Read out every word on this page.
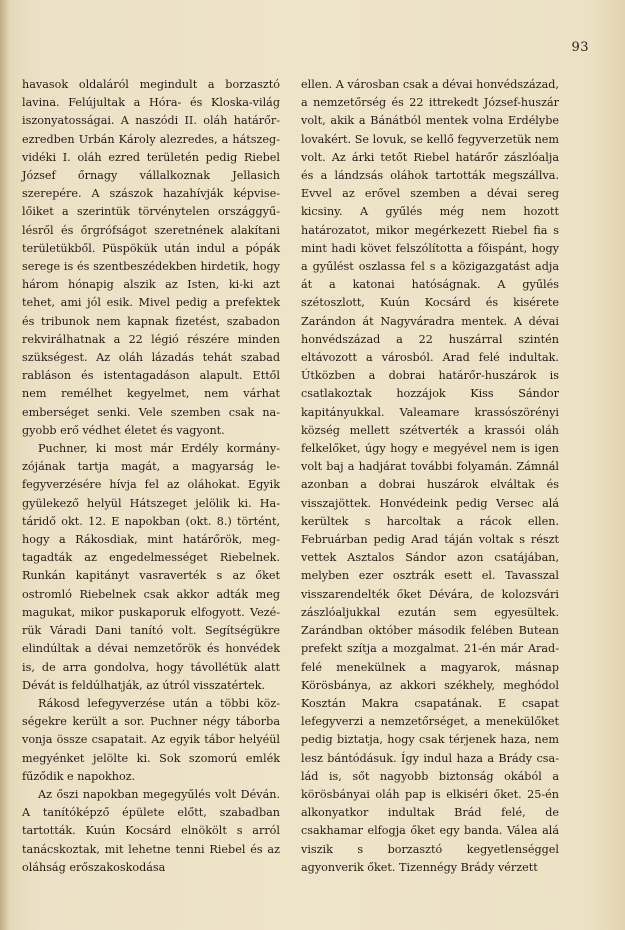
93

havasok oldaláról megindult a borzasztó lavina. Felújultak a Hóra- és Kloska-világ iszonyatosságai. A naszódi II. oláh határőrezredben Urbán Károly alezredes, a hátszegvidéki I. oláh ezred területén pedig Riebel József őrnagy vállalkoznak Jellasich szerepére. A szászok hazahívják képviselőiket a szerintük törvénytelen országgyűlésről és őrgrófságot szeretnének alakítani területükből. Püspökük után indul a pópák serege is és szentbeszédekben hirdetik, hogy három hónapig alszik az Isten, ki-ki azt tehet, ami jól esik. Mivel pedig a prefektek és tribunok nem kapnak fizetést, szabadon rekvirálhatnak a 22 légió részére minden szükségest. Az oláh lázadás tehát szabad rabláson és istentagadáson alapult. Ettől nem remélhet kegyelmet, nem várhat emberséget senki. Vele szemben csak nagyobb erő védhet életet és vagyont.

Puchner, ki most már Erdély kormányzójának tartja magát, a magyarság lefegyverzésére hívja fel az oláhokat. Egyik gyülekező helyül Hátszeget jelölik ki. Határidő okt. 12. E napokban (okt. 8.) történt, hogy a Rákosdiak, mint határőrök, megtagadták az engedelmességet Riebelnek. Runkán kapitányt vasraverték s az őket ostromló Riebelnek csak akkor adták meg magukat, mikor puskaporuk elfogyott. Vezérük Váradi Dani tanító volt. Segítségükre elindúltak a dévai nemzetőrök és honvédek is, de arra gondolva, hogy távollétük alatt Dévát is feldúlhatják, az útról visszatértek.

Rákosd lefegyverzése után a többi községekre került a sor. Puchner négy táborba vonja össze csapatait. Az egyik tábor helyéül megyénket jelölte ki. Sok szomorú emlék fűződik e napokhoz.

Az őszi napokban megegyűlés volt Déván. A tanítóképző épülete előtt, szabadban tartották. Kuún Kocsárd elnökölt s arról tanácskoztak, mit lehetne tenni Riebel és az oláhság erőszakoskodása

ellen. A városban csak a dévai honvédszázad, a nemzetőrség és 22 ittrekedt József-huszár volt, akik a Bánátból mentek volna Erdélybe lovakért. Se lovuk, se kellő fegyverzetük nem volt. Az árki tetőt Riebel határőr zászlóalja és a lándzsás oláhok tartották megszállva. Evvel az erővel szemben a dévai sereg kicsiny. A gyűlés még nem hozott határozatot, mikor megérkezett Riebel fia s mint hadi követ felszólította a főispánt, hogy a gyűlést oszlassa fel s a közigazgatást adja át a katonai hatóságnak. A gyűlés szétoszlott, Kuún Kocsárd és kisérete Zarándon át Nagyváradra mentek. A dévai honvédszázad a 22 huszárral szintén eltávozott a városból. Arad felé indultak. Útközben a dobrai határőr-huszárok is csatlakoztak hozzájok Kiss Sándor kapitányukkal. Valeamare krassószörényi község mellett szétverték a krassói oláh felkelőket, úgy hogy e megyével nem is igen volt baj a hadjárat további folyamán. Zámnál azonban a dobrai huszárok elváltak és visszajöttek. Honvédeink pedig Versec alá kerültek s harcoltak a rácok ellen. Februárban pedig Arad táján voltak s részt vettek Asztalos Sándor azon csatájában, melyben ezer osztrák esett el. Tavasszal visszarendelték őket Dévára, de kolozsvári zászlóaljukkal ezután sem egyesültek. Zarándban október második felében Butean prefekt szítja a mozgalmat. 21-én már Arad-felé menekülnek a magyarok, másnap Körösbánya, az akkori székhely, meghódol Kosztán Makra csapatának. E csapat lefegyverzi a nemzetőrséget, a menekülőket pedig biztatja, hogy csak térjenek haza, nem lesz bántódásuk. Így indul haza a Brády család is, sőt nagyobb biztonság okából a körösbányai oláh pap is elkiséri őket. 25-én alkonyatkor indultak Brád felé, de csakhamar elfogja őket egy banda. Válea alá viszik s borzasztó kegyetlenséggel agyonverik őket. Tizennégy Brády vérzett
